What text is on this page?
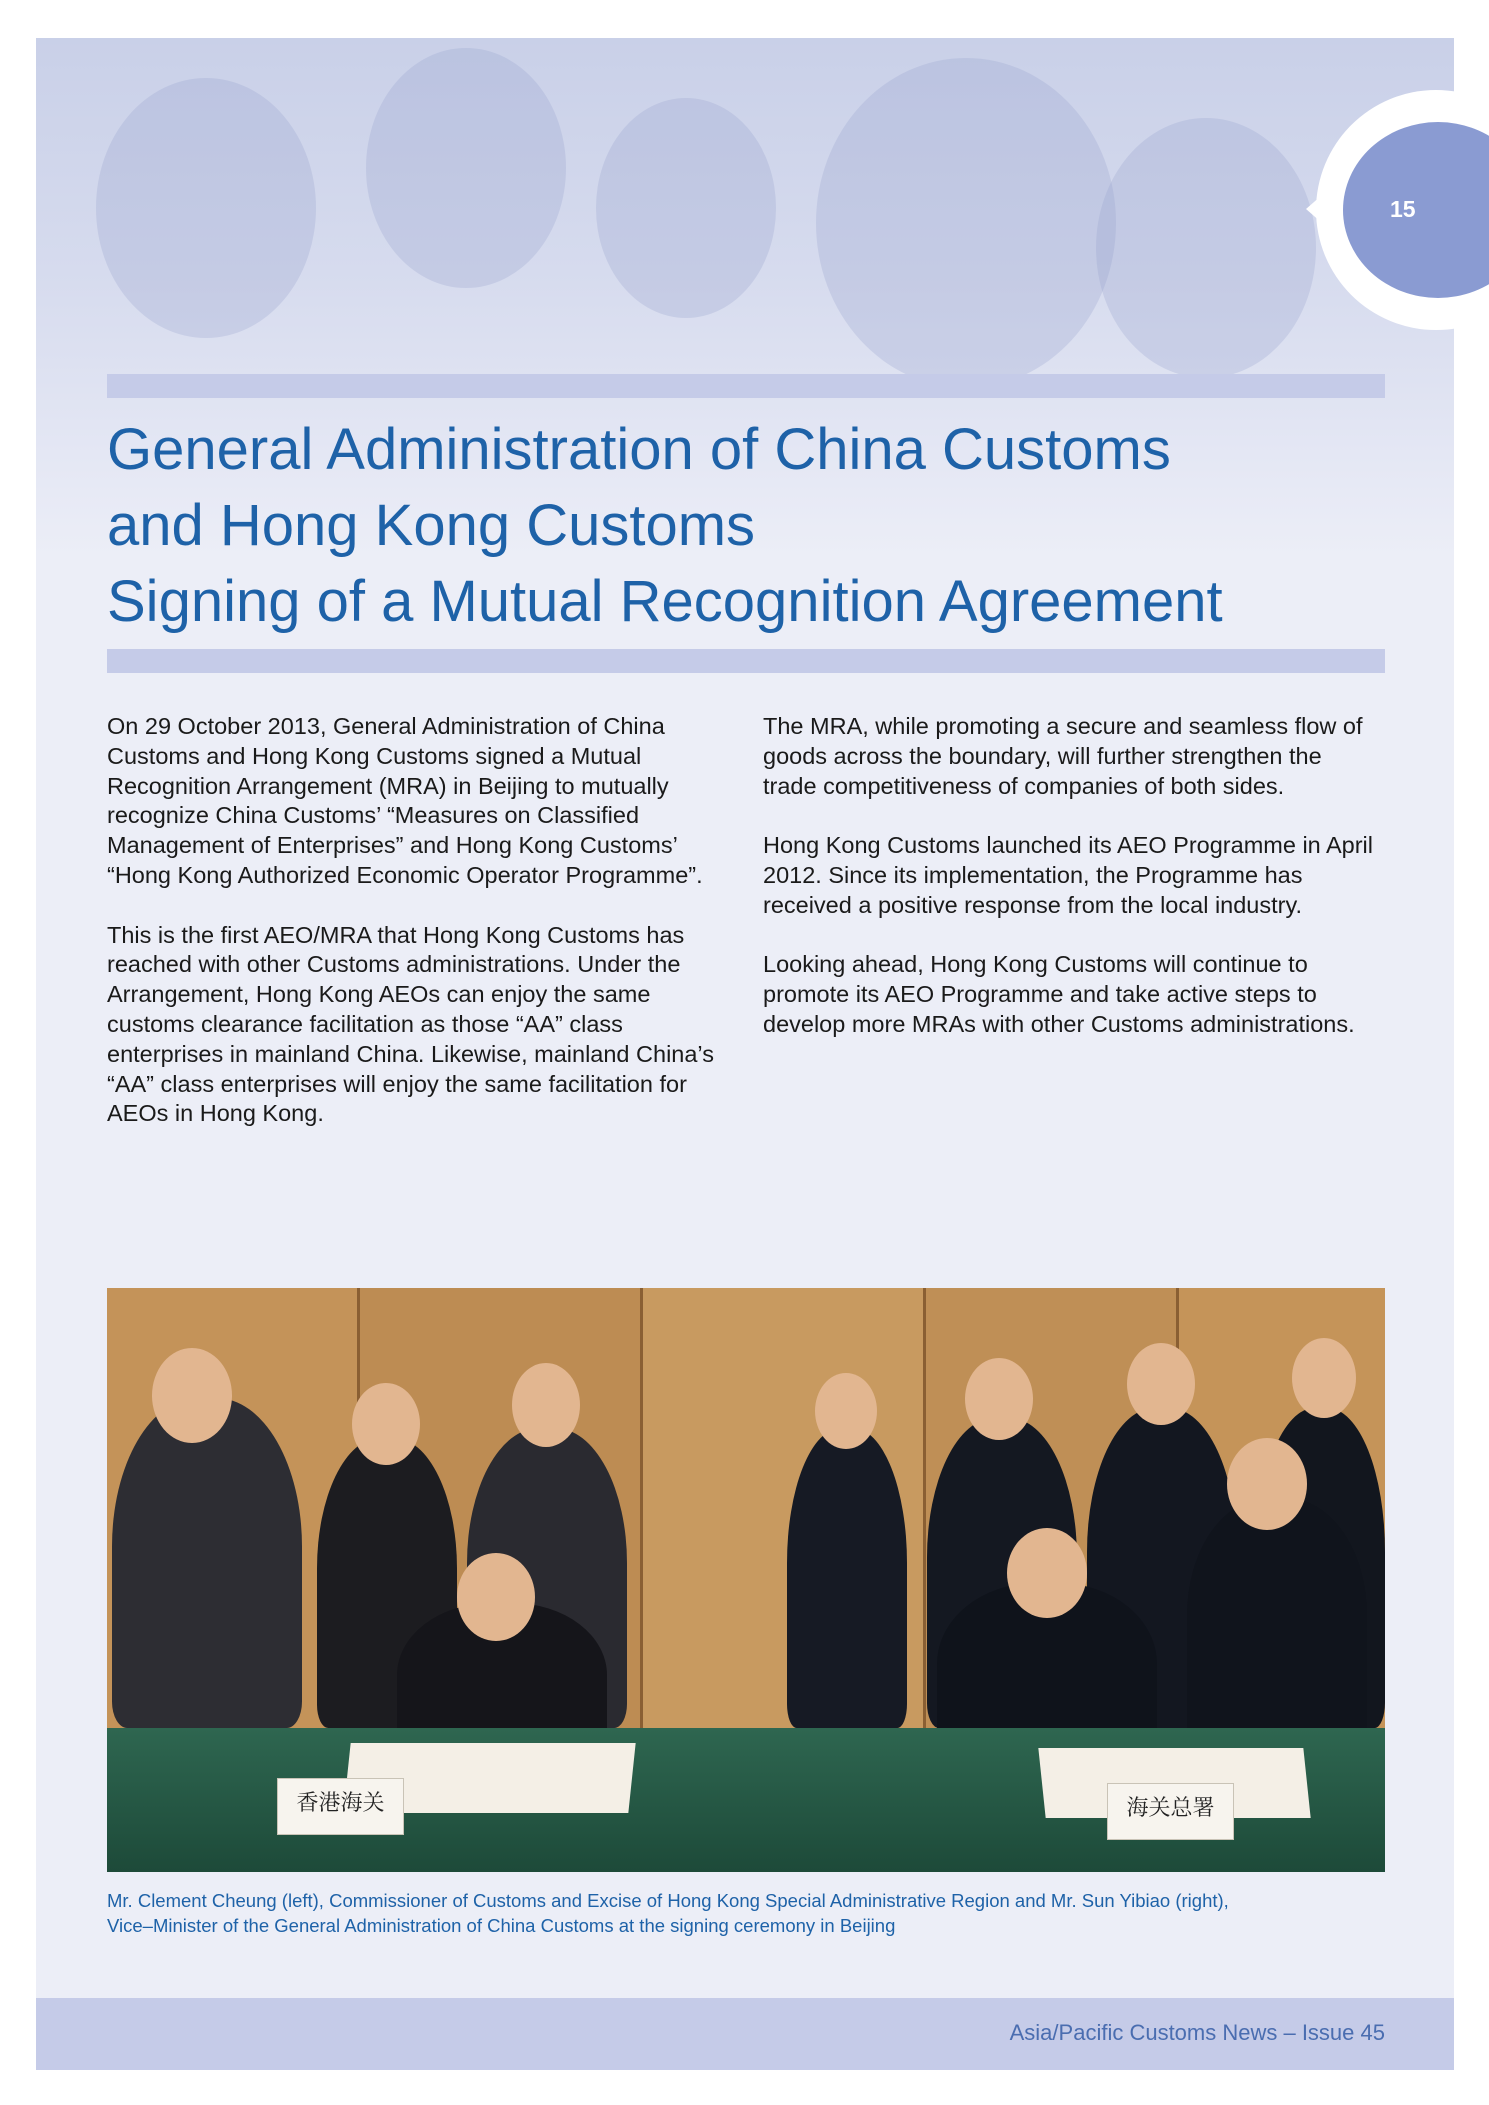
15
General Administration of China Customs
and Hong Kong Customs
Signing of a Mutual Recognition Agreement

On 29 October 2013, General Administration of China Customs and Hong Kong Customs signed a Mutual Recognition Arrangement (MRA) in Beijing to mutually recognize China Customs’ “Measures on Classified Management of Enterprises” and Hong Kong Customs’ “Hong Kong Authorized Economic Operator Programme”.

This is the first AEO/MRA that Hong Kong Customs has reached with other Customs administrations. Under the Arrangement, Hong Kong AEOs can enjoy the same customs clearance facilitation as those “AA” class enterprises in mainland China. Likewise, mainland China’s “AA” class enterprises will enjoy the same facilitation for AEOs in Hong Kong.

The MRA, while promoting a secure and seamless flow of goods across the boundary, will further strengthen the trade competitiveness of companies of both sides.

Hong Kong Customs launched its AEO Programme in April 2012. Since its implementation, the Programme has received a positive response from the local industry.

Looking ahead, Hong Kong Customs will continue to promote its AEO Programme and take active steps to develop more MRAs with other Customs administrations.

香港海关	海关总署
Mr. Clement Cheung (left), Commissioner of Customs and Excise of Hong Kong Special Administrative Region and Mr. Sun Yibiao (right),
Vice–Minister of the General Administration of China Customs at the signing ceremony in Beijing
Asia/Pacific Customs News – Issue 45
